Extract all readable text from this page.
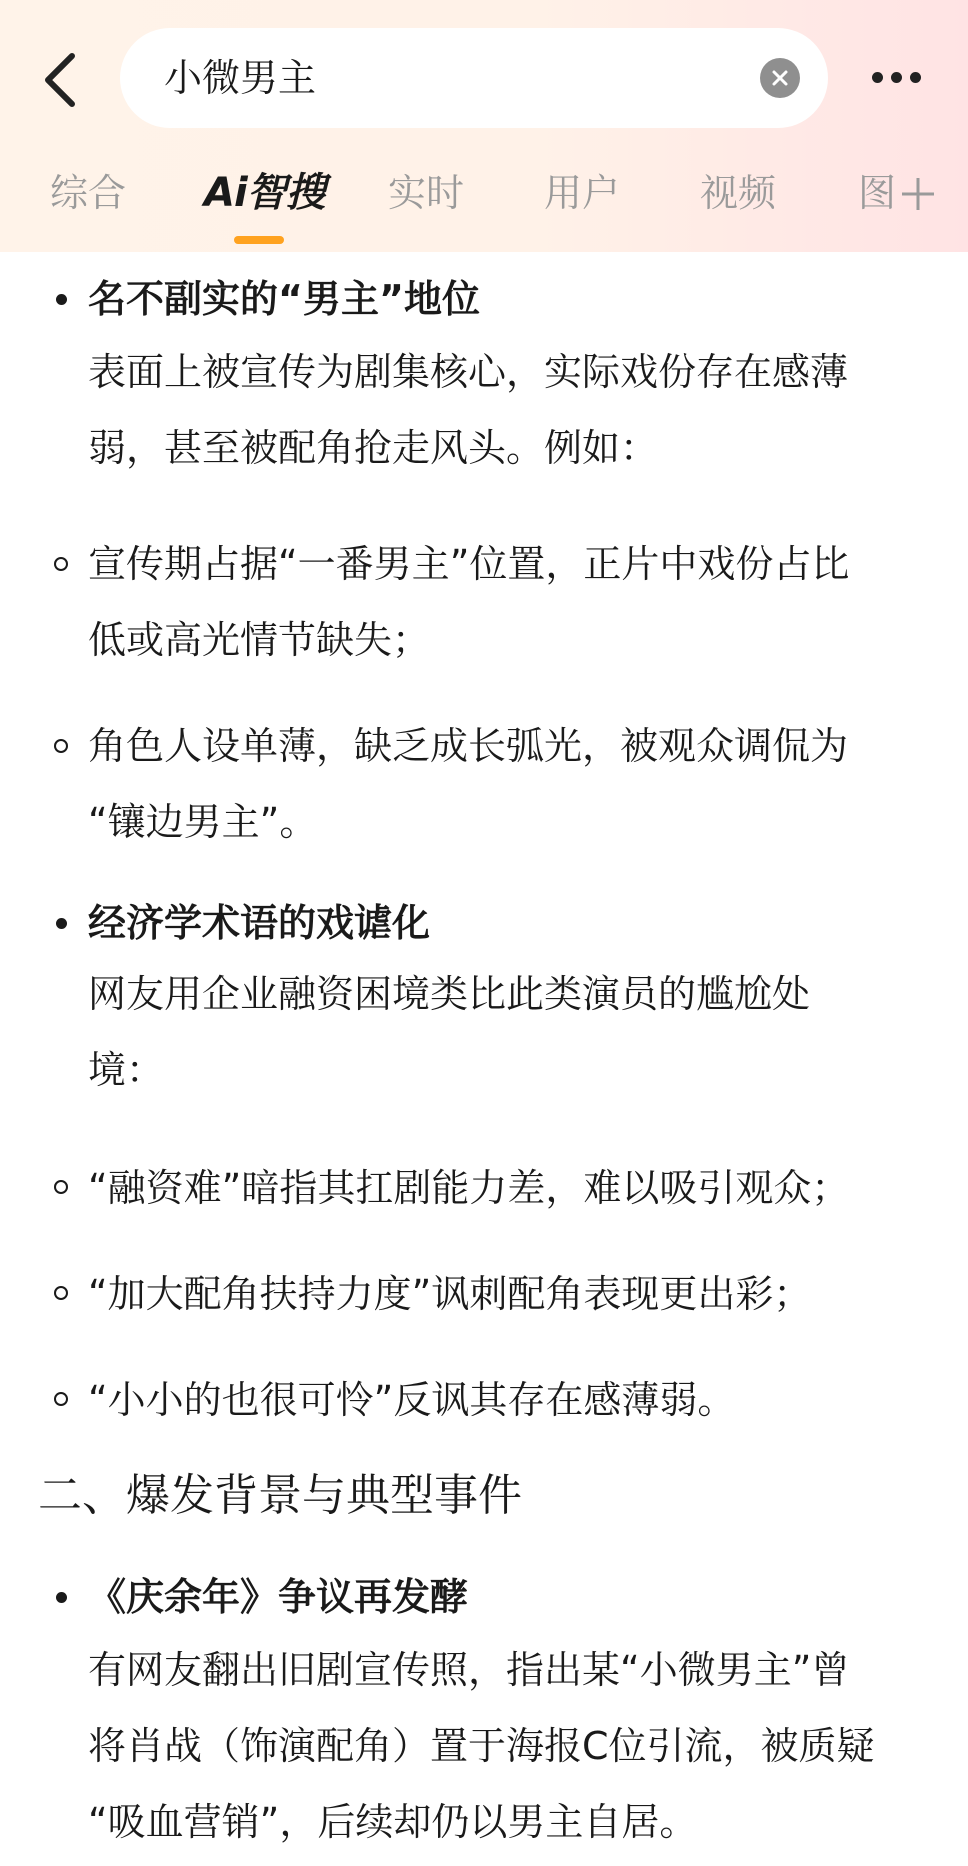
小微男主
综合 Ai智搜 实时 用户 视频 图
名不副实的“男主”地位
表面上被宣传为剧集核心，实际戏份存在感薄
弱，甚至被配角抢走风头。例如：
宣传期占据“一番男主”位置，正片中戏份占比
低或高光情节缺失；
角色人设单薄，缺乏成长弧光，被观众调侃为
“镶边男主”。
经济学术语的戏谑化
网友用企业融资困境类比此类演员的尴尬处
境：
“融资难”暗指其扛剧能力差，难以吸引观众；
“加大配角扶持力度”讽刺配角表现更出彩；
“小小的也很可怜”反讽其存在感薄弱。
二、爆发背景与典型事件
《庆余年》争议再发酵
有网友翻出旧剧宣传照，指出某“小微男主”曾
将肖战（饰演配角）置于海报C位引流，被质疑
“吸血营销”，后续却仍以男主自居。
